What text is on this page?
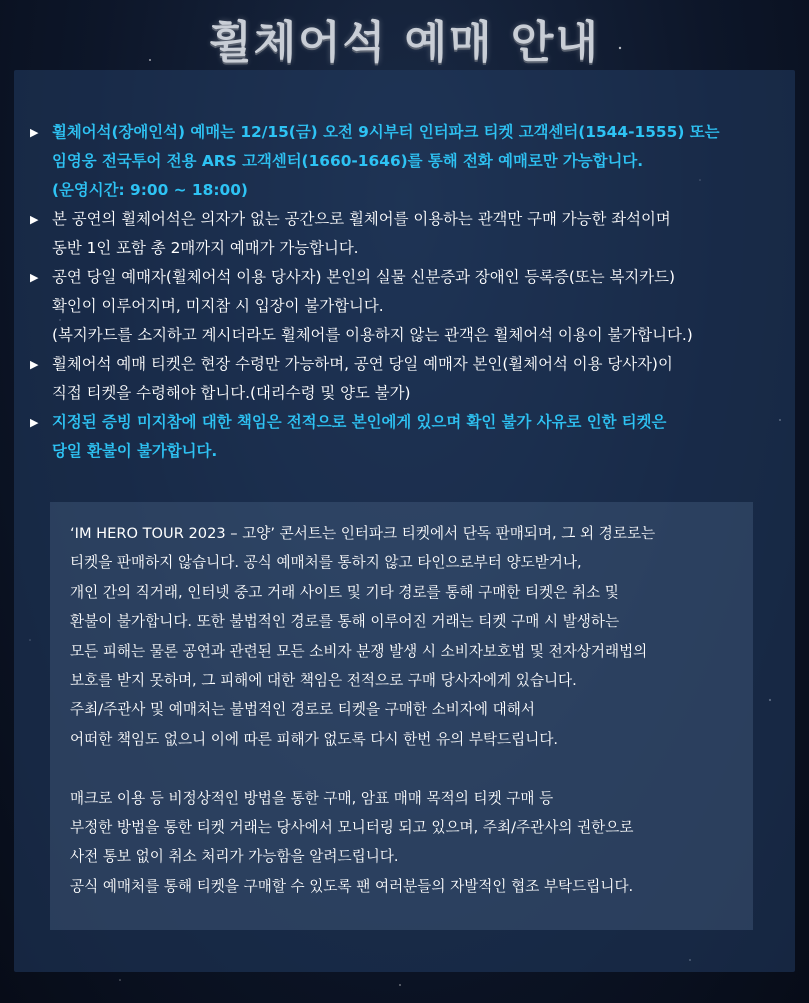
휠체어석 예매 안내
▶ 휠체어석(장애인석) 예매는 12/15(금) 오전 9시부터 인터파크 티켓 고객센터(1544-1555) 또는
임영웅 전국투어 전용 ARS 고객센터(1660-1646)를 통해 전화 예매로만 가능합니다.
(운영시간: 9:00 ~ 18:00)
▶ 본 공연의 휠체어석은 의자가 없는 공간으로 휠체어를 이용하는 관객만 구매 가능한 좌석이며
동반 1인 포함 총 2매까지 예매가 가능합니다.
▶ 공연 당일 예매자(휠체어석 이용 당사자) 본인의 실물 신분증과 장애인 등록증(또는 복지카드)
확인이 이루어지며, 미지참 시 입장이 불가합니다.
(복지카드를 소지하고 계시더라도 휠체어를 이용하지 않는 관객은 휠체어석 이용이 불가합니다.)
▶ 휠체어석 예매 티켓은 현장 수령만 가능하며, 공연 당일 예매자 본인(휠체어석 이용 당사자)이
직접 티켓을 수령해야 합니다.(대리수령 및 양도 불가)
▶ 지정된 증빙 미지참에 대한 책임은 전적으로 본인에게 있으며 확인 불가 사유로 인한 티켓은
당일 환불이 불가합니다.
‘IM HERO TOUR 2023 – 고양’ 콘서트는 인터파크 티켓에서 단독 판매되며, 그 외 경로로는
티켓을 판매하지 않습니다. 공식 예매처를 통하지 않고 타인으로부터 양도받거나,
개인 간의 직거래, 인터넷 중고 거래 사이트 및 기타 경로를 통해 구매한 티켓은 취소 및
환불이 불가합니다. 또한 불법적인 경로를 통해 이루어진 거래는 티켓 구매 시 발생하는
모든 피해는 물론 공연과 관련된 모든 소비자 분쟁 발생 시 소비자보호법 및 전자상거래법의
보호를 받지 못하며, 그 피해에 대한 책임은 전적으로 구매 당사자에게 있습니다.
주최/주관사 및 예매처는 불법적인 경로로 티켓을 구매한 소비자에 대해서
어떠한 책임도 없으니 이에 따른 피해가 없도록 다시 한번 유의 부탁드립니다.
매크로 이용 등 비정상적인 방법을 통한 구매, 암표 매매 목적의 티켓 구매 등
부정한 방법을 통한 티켓 거래는 당사에서 모니터링 되고 있으며, 주최/주관사의 권한으로
사전 통보 없이 취소 처리가 가능함을 알려드립니다.
공식 예매처를 통해 티켓을 구매할 수 있도록 팬 여러분들의 자발적인 협조 부탁드립니다.
